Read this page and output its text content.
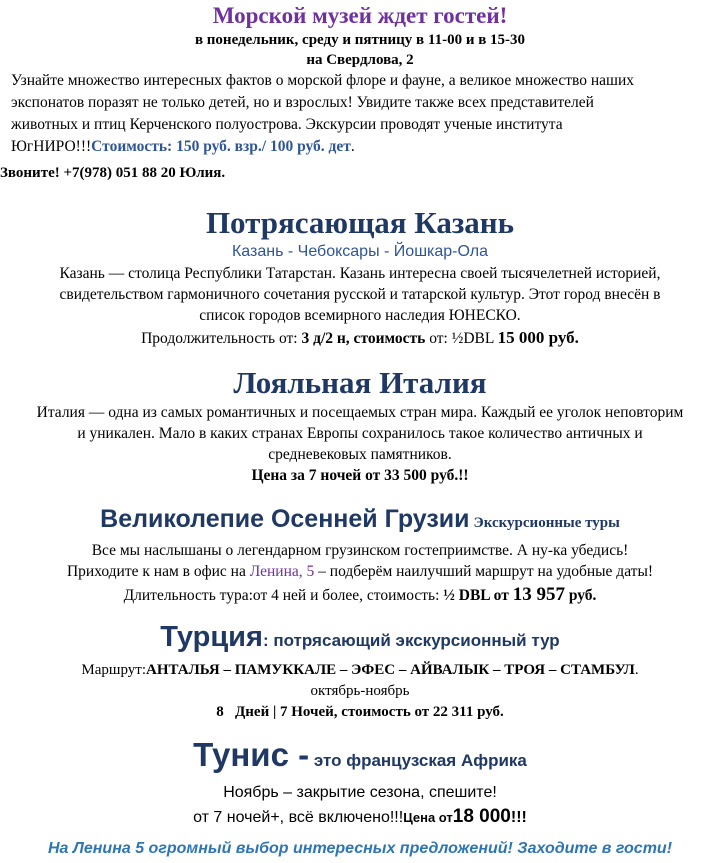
Морской музей ждет гостей!
в понедельник, среду и пятницу в 11-00 и в 15-30
на Свердлова, 2
Узнайте множество интересных фактов о морской флоре и фауне, а великое множество наших
экспонатов поразят не только детей, но и взрослых! Увидите также всех представителей
животных и птиц Керченского полуострова. Экскурсии проводят ученые института
ЮгНИРО!!!Стоимость: 150 руб. взр./ 100 руб. дет.
Звоните! +7(978) 051 88 20 Юлия.
Потрясающая Казань
Казань - Чебоксары - Йошкар-Ола
Казань — столица Республики Татарстан. Казань интересна своей тысячелетней историей,
свидетельством гармоничного сочетания русской и татарской культур. Этот город внесён в
список городов всемирного наследия ЮНЕСКО.
Продолжительность от: 3 д/2 н, стоимость от: ½DBL 15 000 руб.
Лояльная Италия
Италия — одна из самых романтичных и посещаемых стран мира. Каждый ее уголок неповторим
и уникален. Мало в каких странах Европы сохранилось такое количество античных и
средневековых памятников.
Цена за 7 ночей от 33 500 руб.!!
Великолепие Осенней Грузии Экскурсионные туры
Все мы наслышаны о легендарном грузинском гостеприимстве. А ну-ка убедись!
Приходите к нам в офис на Ленина, 5 – подберём наилучший маршрут на удобные даты!
Длительность тура:от 4 ней и более, стоимость: ½ DBL от 13 957 руб.
Турция: потрясающий экскурсионный тур
Маршрут:АНТАЛЬЯ – ПАМУККАЛЕ – ЭФЕС – АЙВАЛЫК – ТРОЯ – СТАМБУЛ.
октябрь-ноябрь
8   Дней | 7 Ночей, стоимость от 22 311 руб.
Тунис - это французская Африка
Ноябрь – закрытие сезона, спешите!
от 7 ночей+, всё включено!!!Цена от18 000!!!
На Ленина 5 огромный выбор интересных предложений! Заходите в гости!
